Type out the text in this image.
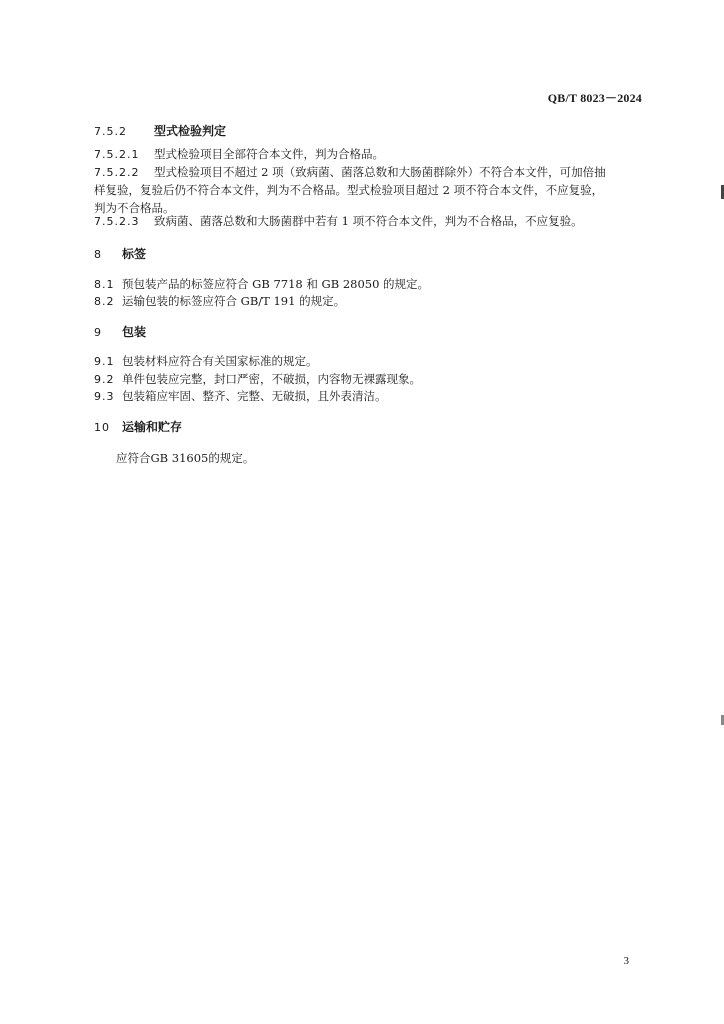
QB/T 8023－2024
7.5.2 型式检验判定
7.5.2.1 型式检验项目全部符合本文件，判为合格品。
7.5.2.2 型式检验项目不超过 2 项（致病菌、菌落总数和大肠菌群除外）不符合本文件，可加倍抽
样复验，复验后仍不符合本文件，判为不合格品。型式检验项目超过 2 项不符合本文件，不应复验，
判为不合格品。
7.5.2.3 致病菌、菌落总数和大肠菌群中若有 1 项不符合本文件，判为不合格品，不应复验。
8 标签
8.1 预包装产品的标签应符合 GB 7718 和 GB 28050 的规定。
8.2 运输包装的标签应符合 GB/T 191 的规定。
9 包装
9.1 包装材料应符合有关国家标准的规定。
9.2 单件包装应完整，封口严密，不破损，内容物无裸露现象。
9.3 包装箱应牢固、整齐、完整、无破损，且外表清洁。
10 运输和贮存
应符合GB 31605的规定。
3
